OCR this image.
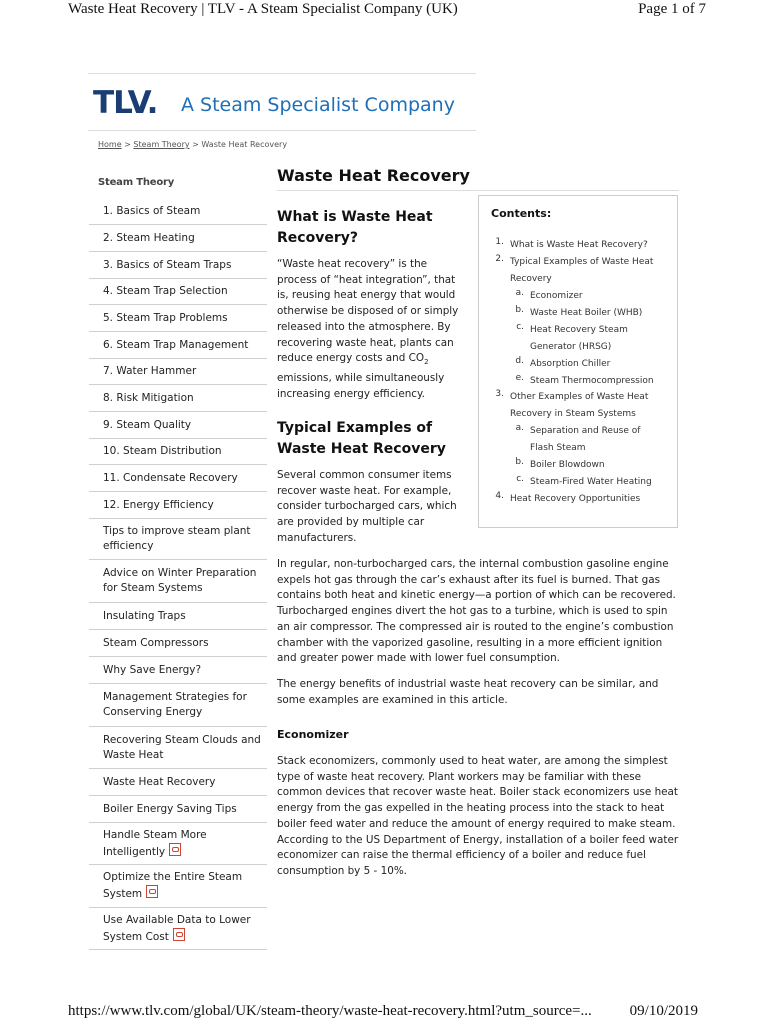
Waste Heat Recovery | TLV - A Steam Specialist Company (UK)	Page 1 of 7
TLV. A Steam Specialist Company
Home > Steam Theory > Waste Heat Recovery
Steam Theory
1. Basics of Steam
2. Steam Heating
3. Basics of Steam Traps
4. Steam Trap Selection
5. Steam Trap Problems
6. Steam Trap Management
7. Water Hammer
8. Risk Mitigation
9. Steam Quality
10. Steam Distribution
11. Condensate Recovery
12. Energy Efficiency
Tips to improve steam plant efficiency
Advice on Winter Preparation for Steam Systems
Insulating Traps
Steam Compressors
Why Save Energy?
Management Strategies for Conserving Energy
Recovering Steam Clouds and Waste Heat
Waste Heat Recovery
Boiler Energy Saving Tips
Handle Steam More Intelligently
Optimize the Entire Steam System
Use Available Data to Lower System Cost
Waste Heat Recovery
What is Waste Heat Recovery?

“Waste heat recovery” is the process of “heat integration”, that is, reusing heat energy that would otherwise be disposed of or simply released into the atmosphere. By recovering waste heat, plants can reduce energy costs and $CO_2$ emissions, while simultaneously increasing energy efficiency.

Typical Examples of Waste Heat Recovery

Several common consumer items recover waste heat. For example, consider turbocharged cars, which are provided by multiple car manufacturers.

In regular, non-turbocharged cars, the internal combustion gasoline engine expels hot gas through the car’s exhaust after its fuel is burned. That gas contains both heat and kinetic energy—a portion of which can be recovered. Turbocharged engines divert the hot gas to a turbine, which is used to spin an air compressor. The compressed air is routed to the engine’s combustion chamber with the vaporized gasoline, resulting in a more efficient ignition and greater power made with lower fuel consumption.

The energy benefits of industrial waste heat recovery can be similar, and some examples are examined in this article.

Economizer

Stack economizers, commonly used to heat water, are among the simplest type of waste heat recovery. Plant workers may be familiar with these common devices that recover waste heat. Boiler stack economizers use heat energy from the gas expelled in the heating process into the stack to heat boiler feed water and reduce the amount of energy required to make steam. According to the US Department of Energy, installation of a boiler feed water economizer can raise the thermal efficiency of a boiler and reduce fuel consumption by 5 - 10%.

Contents:
1. What is Waste Heat Recovery?
2. Typical Examples of Waste Heat
Recovery
a. Economizer
b. Waste Heat Boiler (WHB)
c. Heat Recovery Steam
Generator (HRSG)
d. Absorption Chiller
e. Steam Thermocompression
3. Other Examples of Waste Heat
Recovery in Steam Systems
a. Separation and Reuse of
Flash Steam
b. Boiler Blowdown
c. Steam-Fired Water Heating
4. Heat Recovery Opportunities
https://www.tlv.com/global/UK/steam-theory/waste-heat-recovery.html?utm_source=...	09/10/2019
